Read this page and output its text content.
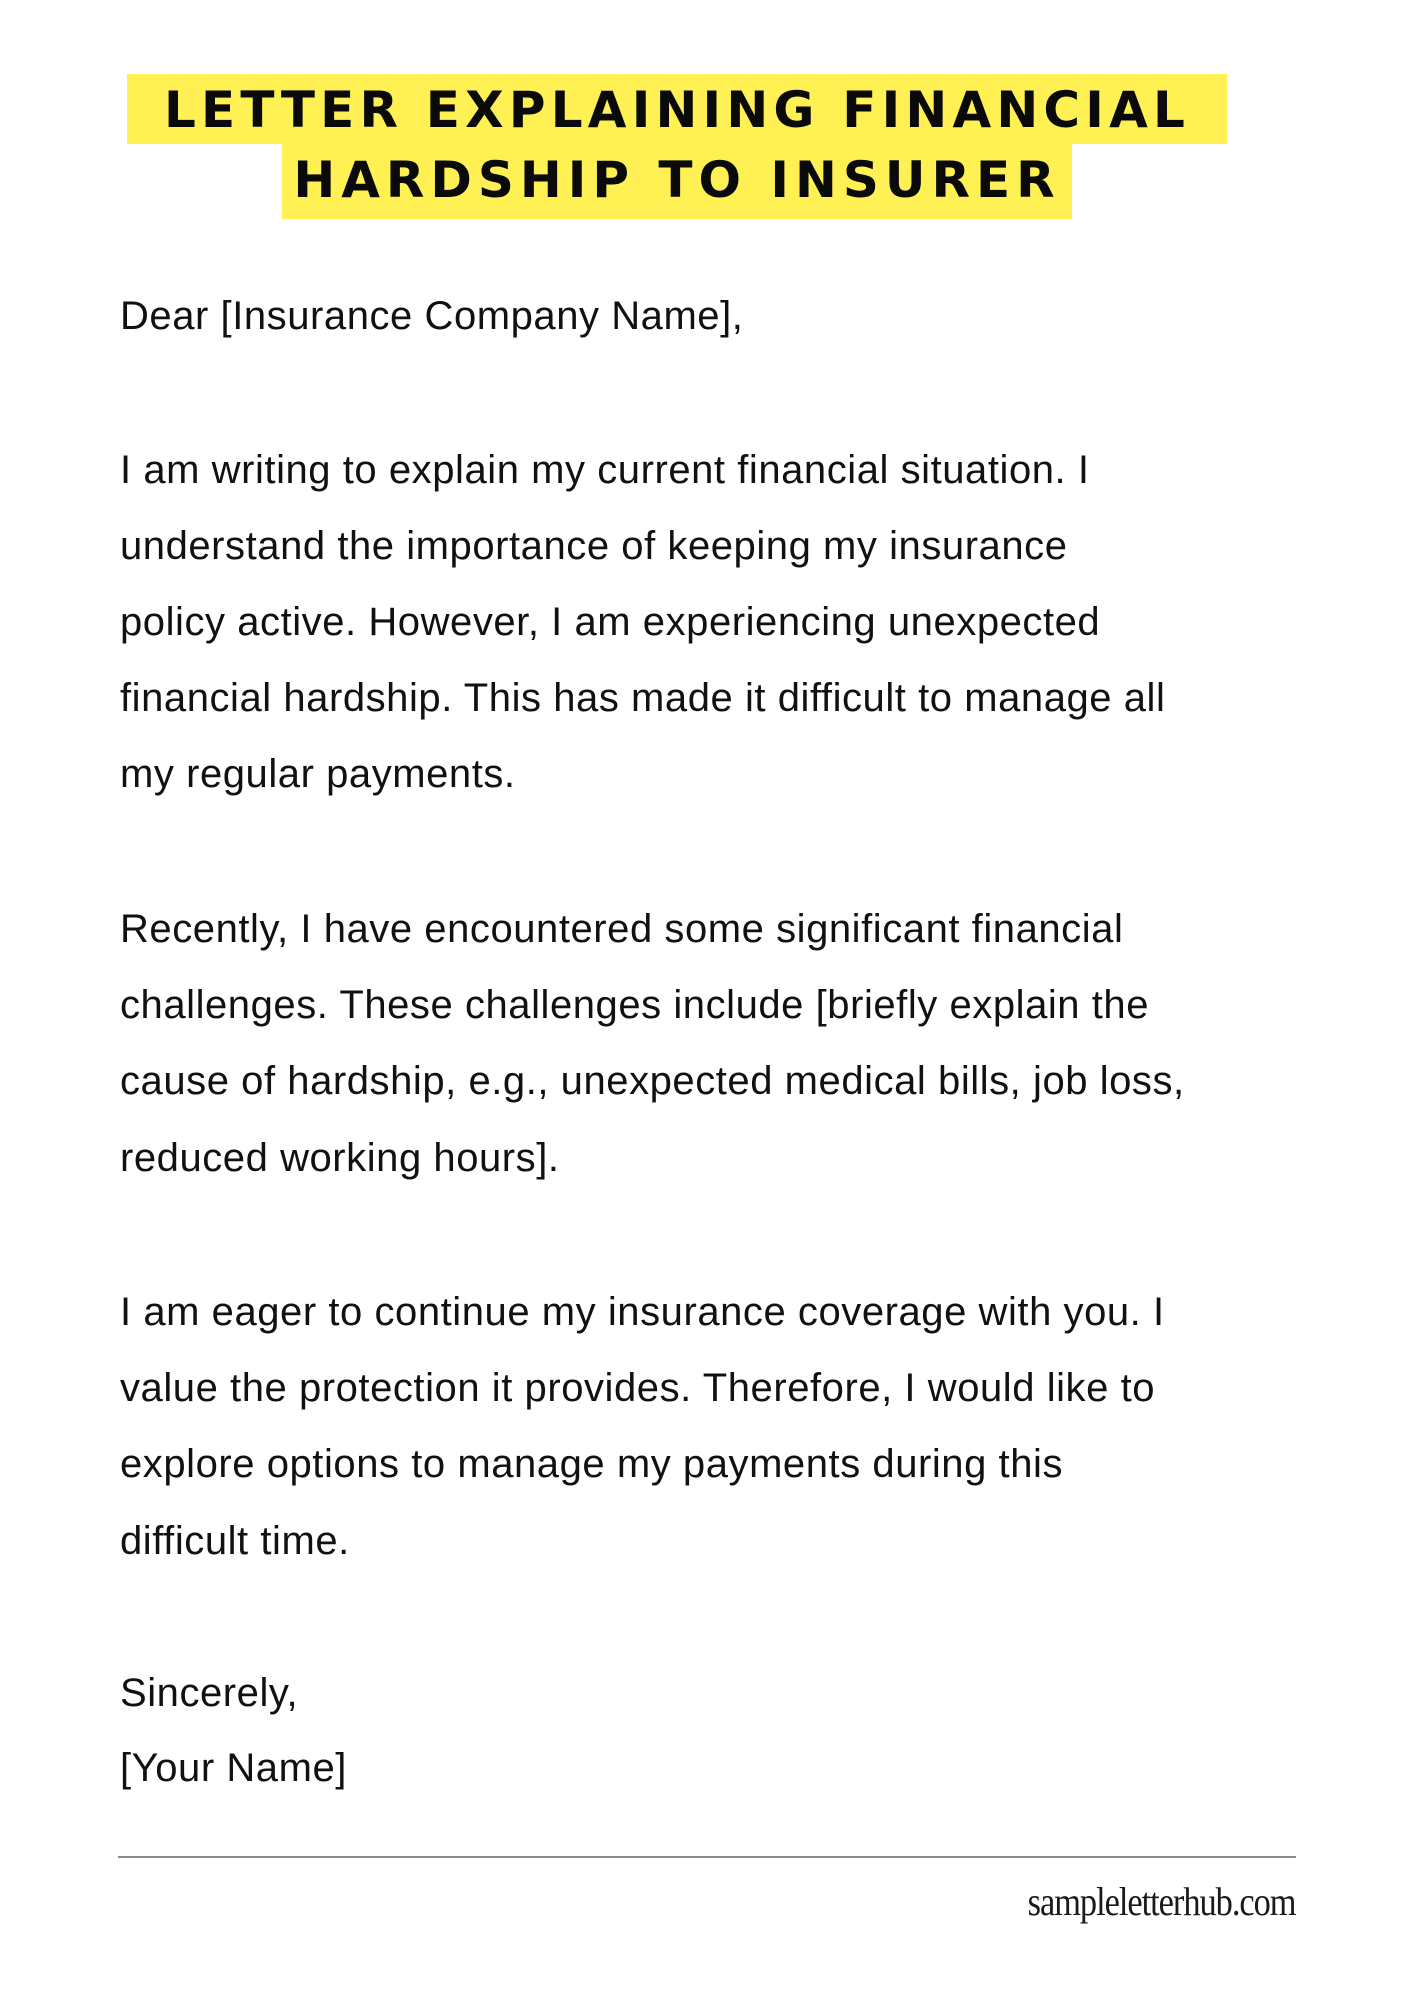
LETTER EXPLAINING FINANCIAL
HARDSHIP TO INSURER
Dear [Insurance Company Name],
I am writing to explain my current financial situation. I
understand the importance of keeping my insurance
policy active. However, I am experiencing unexpected
financial hardship. This has made it difficult to manage all
my regular payments.
Recently, I have encountered some significant financial
challenges. These challenges include [briefly explain the
cause of hardship, e.g., unexpected medical bills, job loss,
reduced working hours].
I am eager to continue my insurance coverage with you. I
value the protection it provides. Therefore, I would like to
explore options to manage my payments during this
difficult time.
Sincerely,
[Your Name]
sampleletterhub.com
